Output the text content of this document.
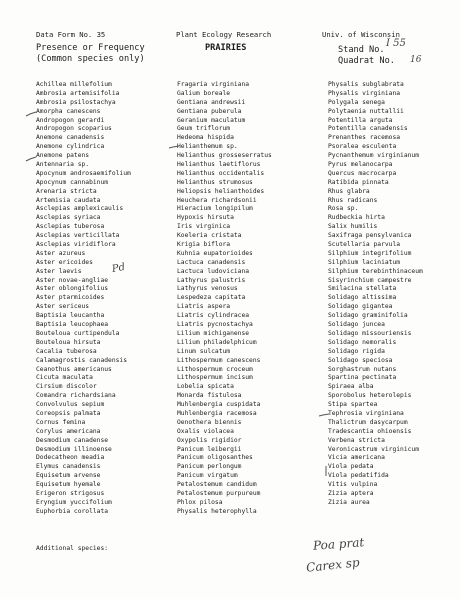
Data Form No. 35	Plant Ecology Research	Univ. of Wisconsin
Presence or Frequency
(Common species only)
PRAIRIES	Stand No.
Quadrat No.
I 55
16
Achillea millefolium
Ambrosia artemisifolia
Ambrosia psilostachya
Amorpha canescens
Andropogon gerardi
Andropogon scoparius
Anemone canadensis
Anemone cylindrica
Anemone patens
Antennaria sp.
Apocynum androsaemifolium
Apocynum cannabinum
Arenaria stricta
Artemisia caudata
Asclepias amplexicaulis
Asclepias syriaca
Asclepias tuberosa
Asclepias verticillata
Asclepias viridiflora
Aster azureus
Aster ericoides
Aster laevis
Aster novae-angliae
Aster oblongifolius
Aster ptarmicoides
Aster sericeus
Baptisia leucantha
Baptisia leucophaea
Bouteloua curtipendula
Bouteloua hirsuta
Cacalia tuberosa
Calamagrostis canadensis
Ceanothus americanus
Cicuta maculata
Cirsium discolor
Comandra richardsiana
Convolvulus sepium
Coreopsis palmata
Cornus femina
Corylus americana
Desmodium canadense
Desmodium illinoense
Dodecatheon meadia
Elymus canadensis
Equisetum arvense
Equisetum hyemale
Erigeron strigosus
Eryngium yuccifolium
Euphorbia corollata
Fragaria virginiana
Galium boreale
Gentiana andrewsii
Gentiana puberula
Geranium maculatum
Geum triflorum
Hedeoma hispida
Helianthemum sp.
Helianthus grosseserratus
Helianthus laetiflorus
Helianthus occidentalis
Helianthus strumosus
Heliopsis helianthoides
Heuchera richardsonii
Hieracium longipilum
Hypoxis hirsuta
Iris virginica
Koeleria cristata
Krigia biflora
Kuhnia eupatorioides
Lactuca canadensis
Lactuca ludoviciana
Lathyrus palustris
Lathyrus venosus
Lespedeza capitata
Liatris aspera
Liatris cylindracea
Liatris pycnostachya
Lilium michiganense
Lilium philadelphicum
Linum sulcatum
Lithospermum canescens
Lithospermum croceum
Lithospermum incisum
Lobelia spicata
Monarda fistulosa
Muhlenbergia cuspidata
Muhlenbergia racemosa
Oenothera biennis
Oxalis violacea
Oxypolis rigidior
Panicum leibergii
Panicum oligosanthes
Panicum perlongum
Panicum virgatum
Petalostemum candidum
Petalostemum purpureum
Phlox pilosa
Physalis heterophylla
Physalis subglabrata
Physalis virginiana
Polygala senega
Polytaenia nuttallii
Potentilla arguta
Potentilla canadensis
Prenanthes racemosa
Psoralea esculenta
Pycnanthemum virginianum
Pyrus melanocarpa
Quercus macrocarpa
Ratibida pinnata
Rhus glabra
Rhus radicans
Rosa sp.
Rudbeckia hirta
Salix humilis
Saxifraga pensylvanica
Scutellaria parvula
Silphium integrifolium
Silphium laciniatum
Silphium terebinthinaceum
Sisyrinchium campestre
Smilacina stellata
Solidago altissima
Solidago gigantea
Solidago graminifolia
Solidago juncea
Solidago missouriensis
Solidago nemoralis
Solidago rigida
Solidago speciosa
Sorghastrum nutans
Spartina pectinata
Spiraea alba
Sporobolus heterolepis
Stipa spartea
Tephrosia virginiana
Thalictrum dasycarpum
Tradescantia ohioensis
Verbena stricta
Veronicastrum virginicum
Vicia americana
Viola pedata
Viola pedatifida
Vitis vulpina
Zizia aptera
Zizia aurea
Additional species:
Pd
Poa prat
Carex sp
